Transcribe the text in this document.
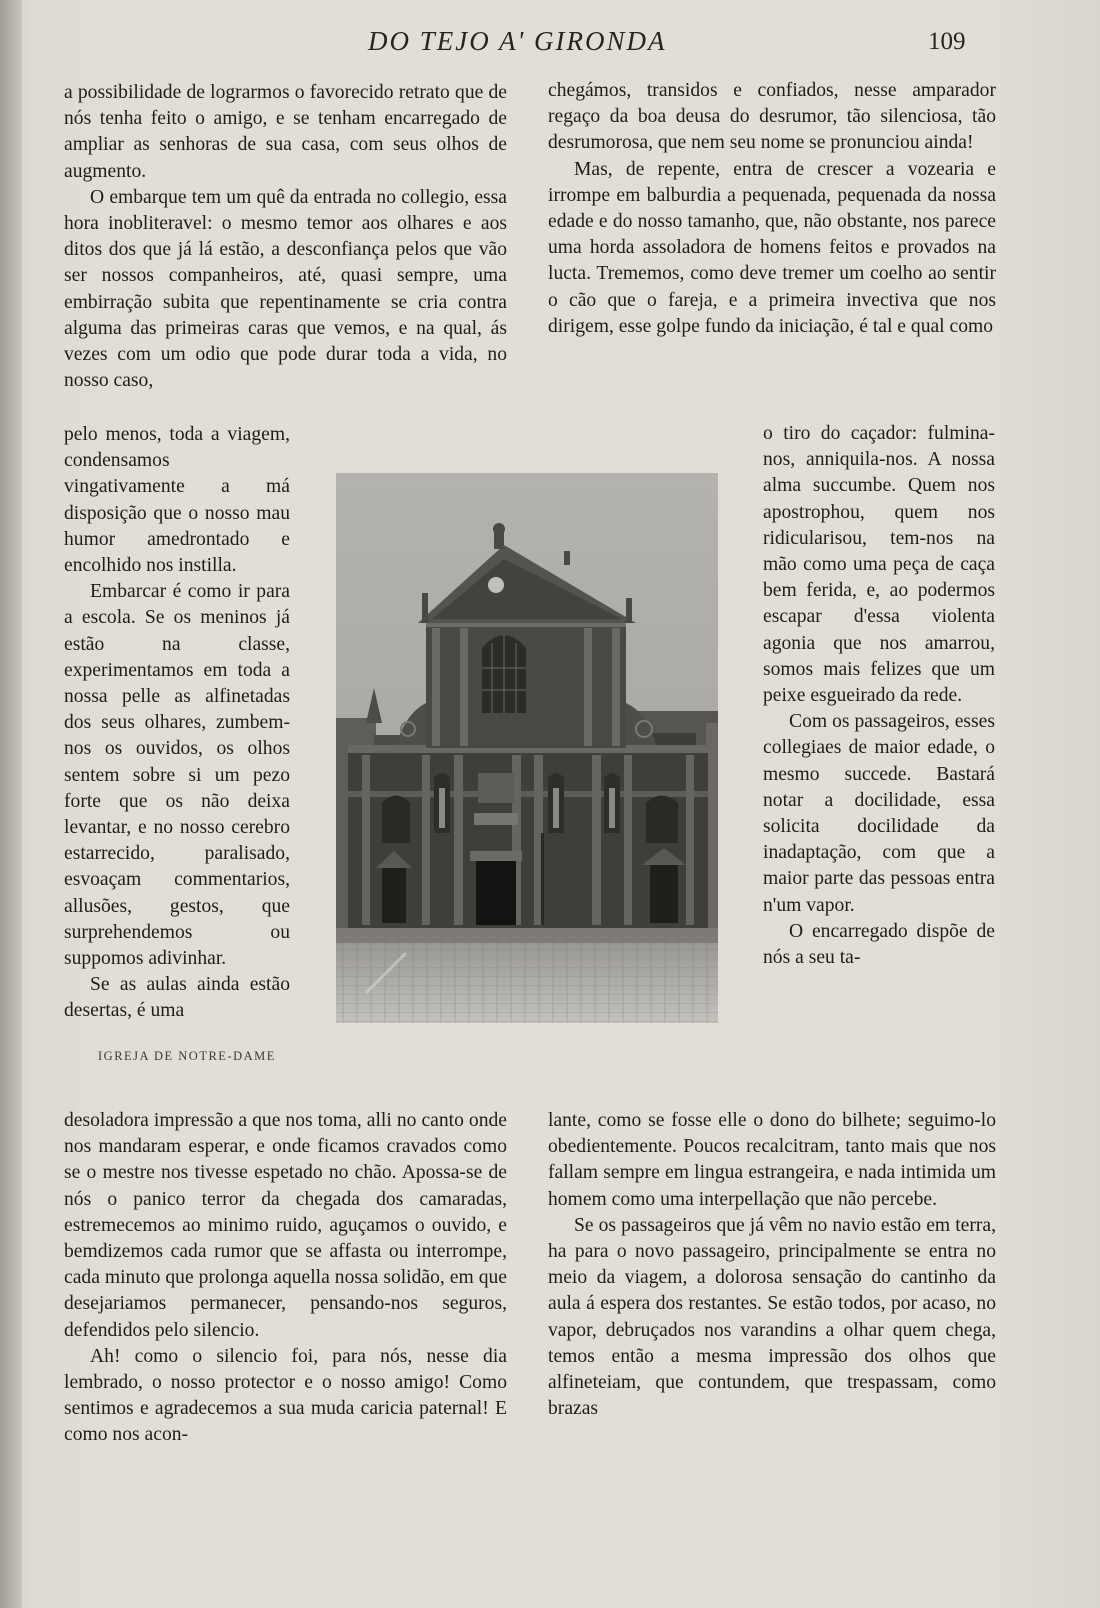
DO TEJO A' GIRONDA	109

a possibilidade de lograrmos o favorecido retrato que de nós tenha feito o amigo, e se tenham encarregado de ampliar as senhoras de sua casa, com seus olhos de augmento.

O embarque tem um quê da entrada no collegio, essa hora inobliteravel: o mesmo temor aos olhares e aos ditos dos que já lá estão, a desconfiança pelos que vão ser nossos companheiros, até, quasi sempre, uma embirração subita que repentinamente se cria contra alguma das primeiras caras que vemos, e na qual, ás vezes com um odio que pode durar toda a vida, no nosso caso,

pelo menos, toda a viagem, condensamos vingativamente a má disposição que o nosso mau humor amedrontado e encolhido nos instilla.

Embarcar é como ir para a escola. Se os meninos já estão na classe, experimentamos em toda a nossa pelle as alfinetadas dos seus olhares, zumbem-nos os ouvidos, os olhos sentem sobre si um pezo forte que os não deixa levantar, e no nosso cerebro estarrecido, paralisado, esvoaçam commentarios, allusões, gestos, que surprehendemos ou suppomos adivinhar.

Se as aulas ainda estão desertas, é uma

desoladora impressão a que nos toma, alli no canto onde nos mandaram esperar, e onde ficamos cravados como se o mestre nos tivesse espetado no chão. Apossa-se de nós o panico terror da chegada dos camaradas, estremecemos ao minimo ruido, aguçamos o ouvido, e bemdizemos cada rumor que se affasta ou interrompe, cada minuto que prolonga aquella nossa solidão, em que desejariamos permanecer, pensando-nos seguros, defendidos pelo silencio.

Ah! como o silencio foi, para nós, nesse dia lembrado, o nosso protector e o nosso amigo! Como sentimos e agradecemos a sua muda caricia paternal! E como nos acon-

chegámos, transidos e confiados, nesse amparador regaço da boa deusa do desrumor, tão silenciosa, tão desrumorosa, que nem seu nome se pronunciou ainda!

Mas, de repente, entra de crescer a vozearia e irrompe em balburdia a pequenada, pequenada da nossa edade e do nosso tamanho, que, não obstante, nos parece uma horda assoladora de homens feitos e provados na lucta. Trememos, como deve tremer um coelho ao sentir o cão que o fareja, e a primeira invectiva que nos dirigem, esse golpe fundo da iniciação, é tal e qual como

o tiro do caçador: fulmina-nos, anniquila-nos. A nossa alma succumbe. Quem nos apostrophou, quem nos ridicularisou, tem-nos na mão como uma peça de caça bem ferida, e, ao podermos escapar d'essa violenta agonia que nos amarrou, somos mais felizes que um peixe esgueirado da rede.

Com os passageiros, esses collegiaes de maior edade, o mesmo succede. Bastará notar a docilidade, essa solicita docilidade da inadaptação, com que a maior parte das pessoas entra n'um vapor.

O encarregado dispõe de nós a seu ta-

lante, como se fosse elle o dono do bilhete; seguimo-lo obedientemente. Poucos recalcitram, tanto mais que nos fallam sempre em lingua estrangeira, e nada intimida um homem como uma interpellação que não percebe.

Se os passageiros que já vêm no navio estão em terra, ha para o novo passageiro, principalmente se entra no meio da viagem, a dolorosa sensação do cantinho da aula á espera dos restantes. Se estão todos, por acaso, no vapor, debruçados nos varandins a olhar quem chega, temos então a mesma impressão dos olhos que alfineteiam, que contundem, que trespassam, como brazas

IGREJA DE NOTRE-DAME
